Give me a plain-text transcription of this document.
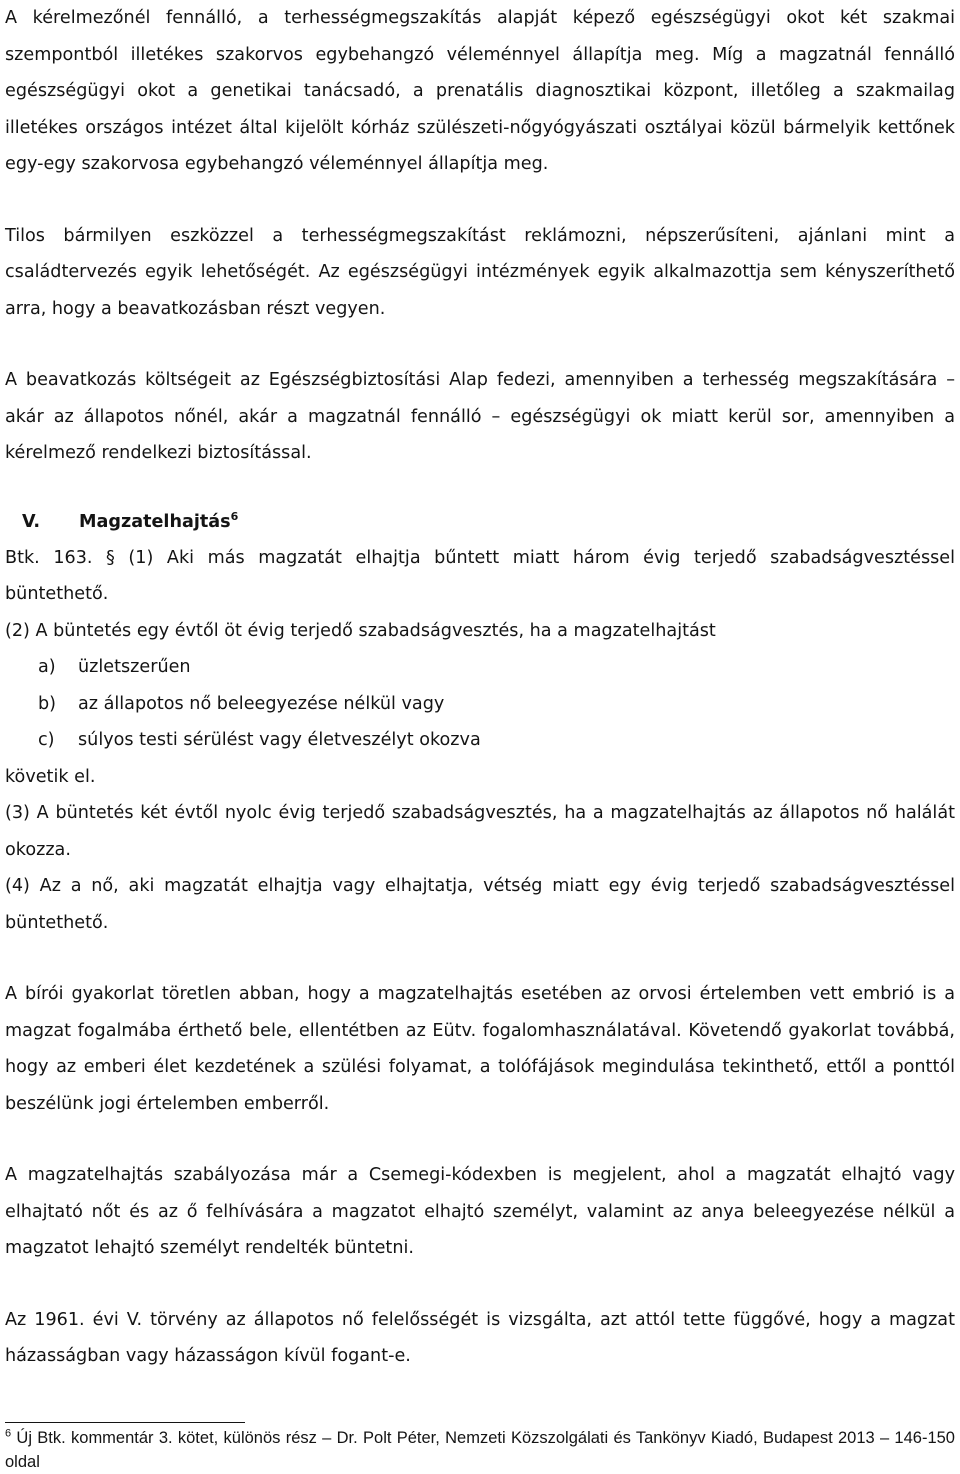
A kérelmezőnél fennálló, a terhességmegszakítás alapját képező egészségügyi okot két szakmai szempontból illetékes szakorvos egybehangzó véleménnyel állapítja meg. Míg a magzatnál fennálló egészségügyi okot a genetikai tanácsadó, a prenatális diagnosztikai központ, illetőleg a szakmailag illetékes országos intézet által kijelölt kórház szülészeti-nőgyógyászati osztályai közül bármelyik kettőnek egy-egy szakorvosa egybehangzó véleménnyel állapítja meg.

Tilos bármilyen eszközzel a terhességmegszakítást reklámozni, népszerűsíteni, ajánlani mint a családtervezés egyik lehetőségét. Az egészségügyi intézmények egyik alkalmazottja sem kényszeríthető arra, hogy a beavatkozásban részt vegyen.

A beavatkozás költségeit az Egészségbiztosítási Alap fedezi, amennyiben a terhesség megszakítására – akár az állapotos nőnél, akár a magzatnál fennálló – egészségügyi ok miatt kerül sor, amennyiben a kérelmező rendelkezi biztosítással.

V. Magzatelhajtás$^6$

Btk. 163. § (1) Aki más magzatát elhajtja bűntett miatt három évig terjedő szabadságvesztéssel büntethető.

(2) A büntetés egy évtől öt évig terjedő szabadságvesztés, ha a magzatelhajtást

a) üzletszerűen

b) az állapotos nő beleegyezése nélkül vagy

c) súlyos testi sérülést vagy életveszélyt okozva

követik el.

(3) A büntetés két évtől nyolc évig terjedő szabadságvesztés, ha a magzatelhajtás az állapotos nő halálát okozza.

(4) Az a nő, aki magzatát elhajtja vagy elhajtatja, vétség miatt egy évig terjedő szabadságvesztéssel büntethető.

A bírói gyakorlat töretlen abban, hogy a magzatelhajtás esetében az orvosi értelemben vett embrió is a magzat fogalmába érthető bele, ellentétben az Eütv. fogalomhasználatával. Követendő gyakorlat továbbá, hogy az emberi élet kezdetének a szülési folyamat, a tolófájások megindulása tekinthető, ettől a ponttól beszélünk jogi értelemben emberről.

A magzatelhajtás szabályozása már a Csemegi-kódexben is megjelent, ahol a magzatát elhajtó vagy elhajtató nőt és az ő felhívására a magzatot elhajtó személyt, valamint az anya beleegyezése nélkül a magzatot lehajtó személyt rendelték büntetni.

Az 1961. évi V. törvény az állapotos nő felelősségét is vizsgálta, azt attól tette függővé, hogy a magzat házasságban vagy házasságon kívül fogant-e.

$^6$ Új Btk. kommentár 3. kötet, különös rész – Dr. Polt Péter, Nemzeti Közszolgálati és Tankönyv Kiadó, Budapest 2013 – 146-150 oldal
